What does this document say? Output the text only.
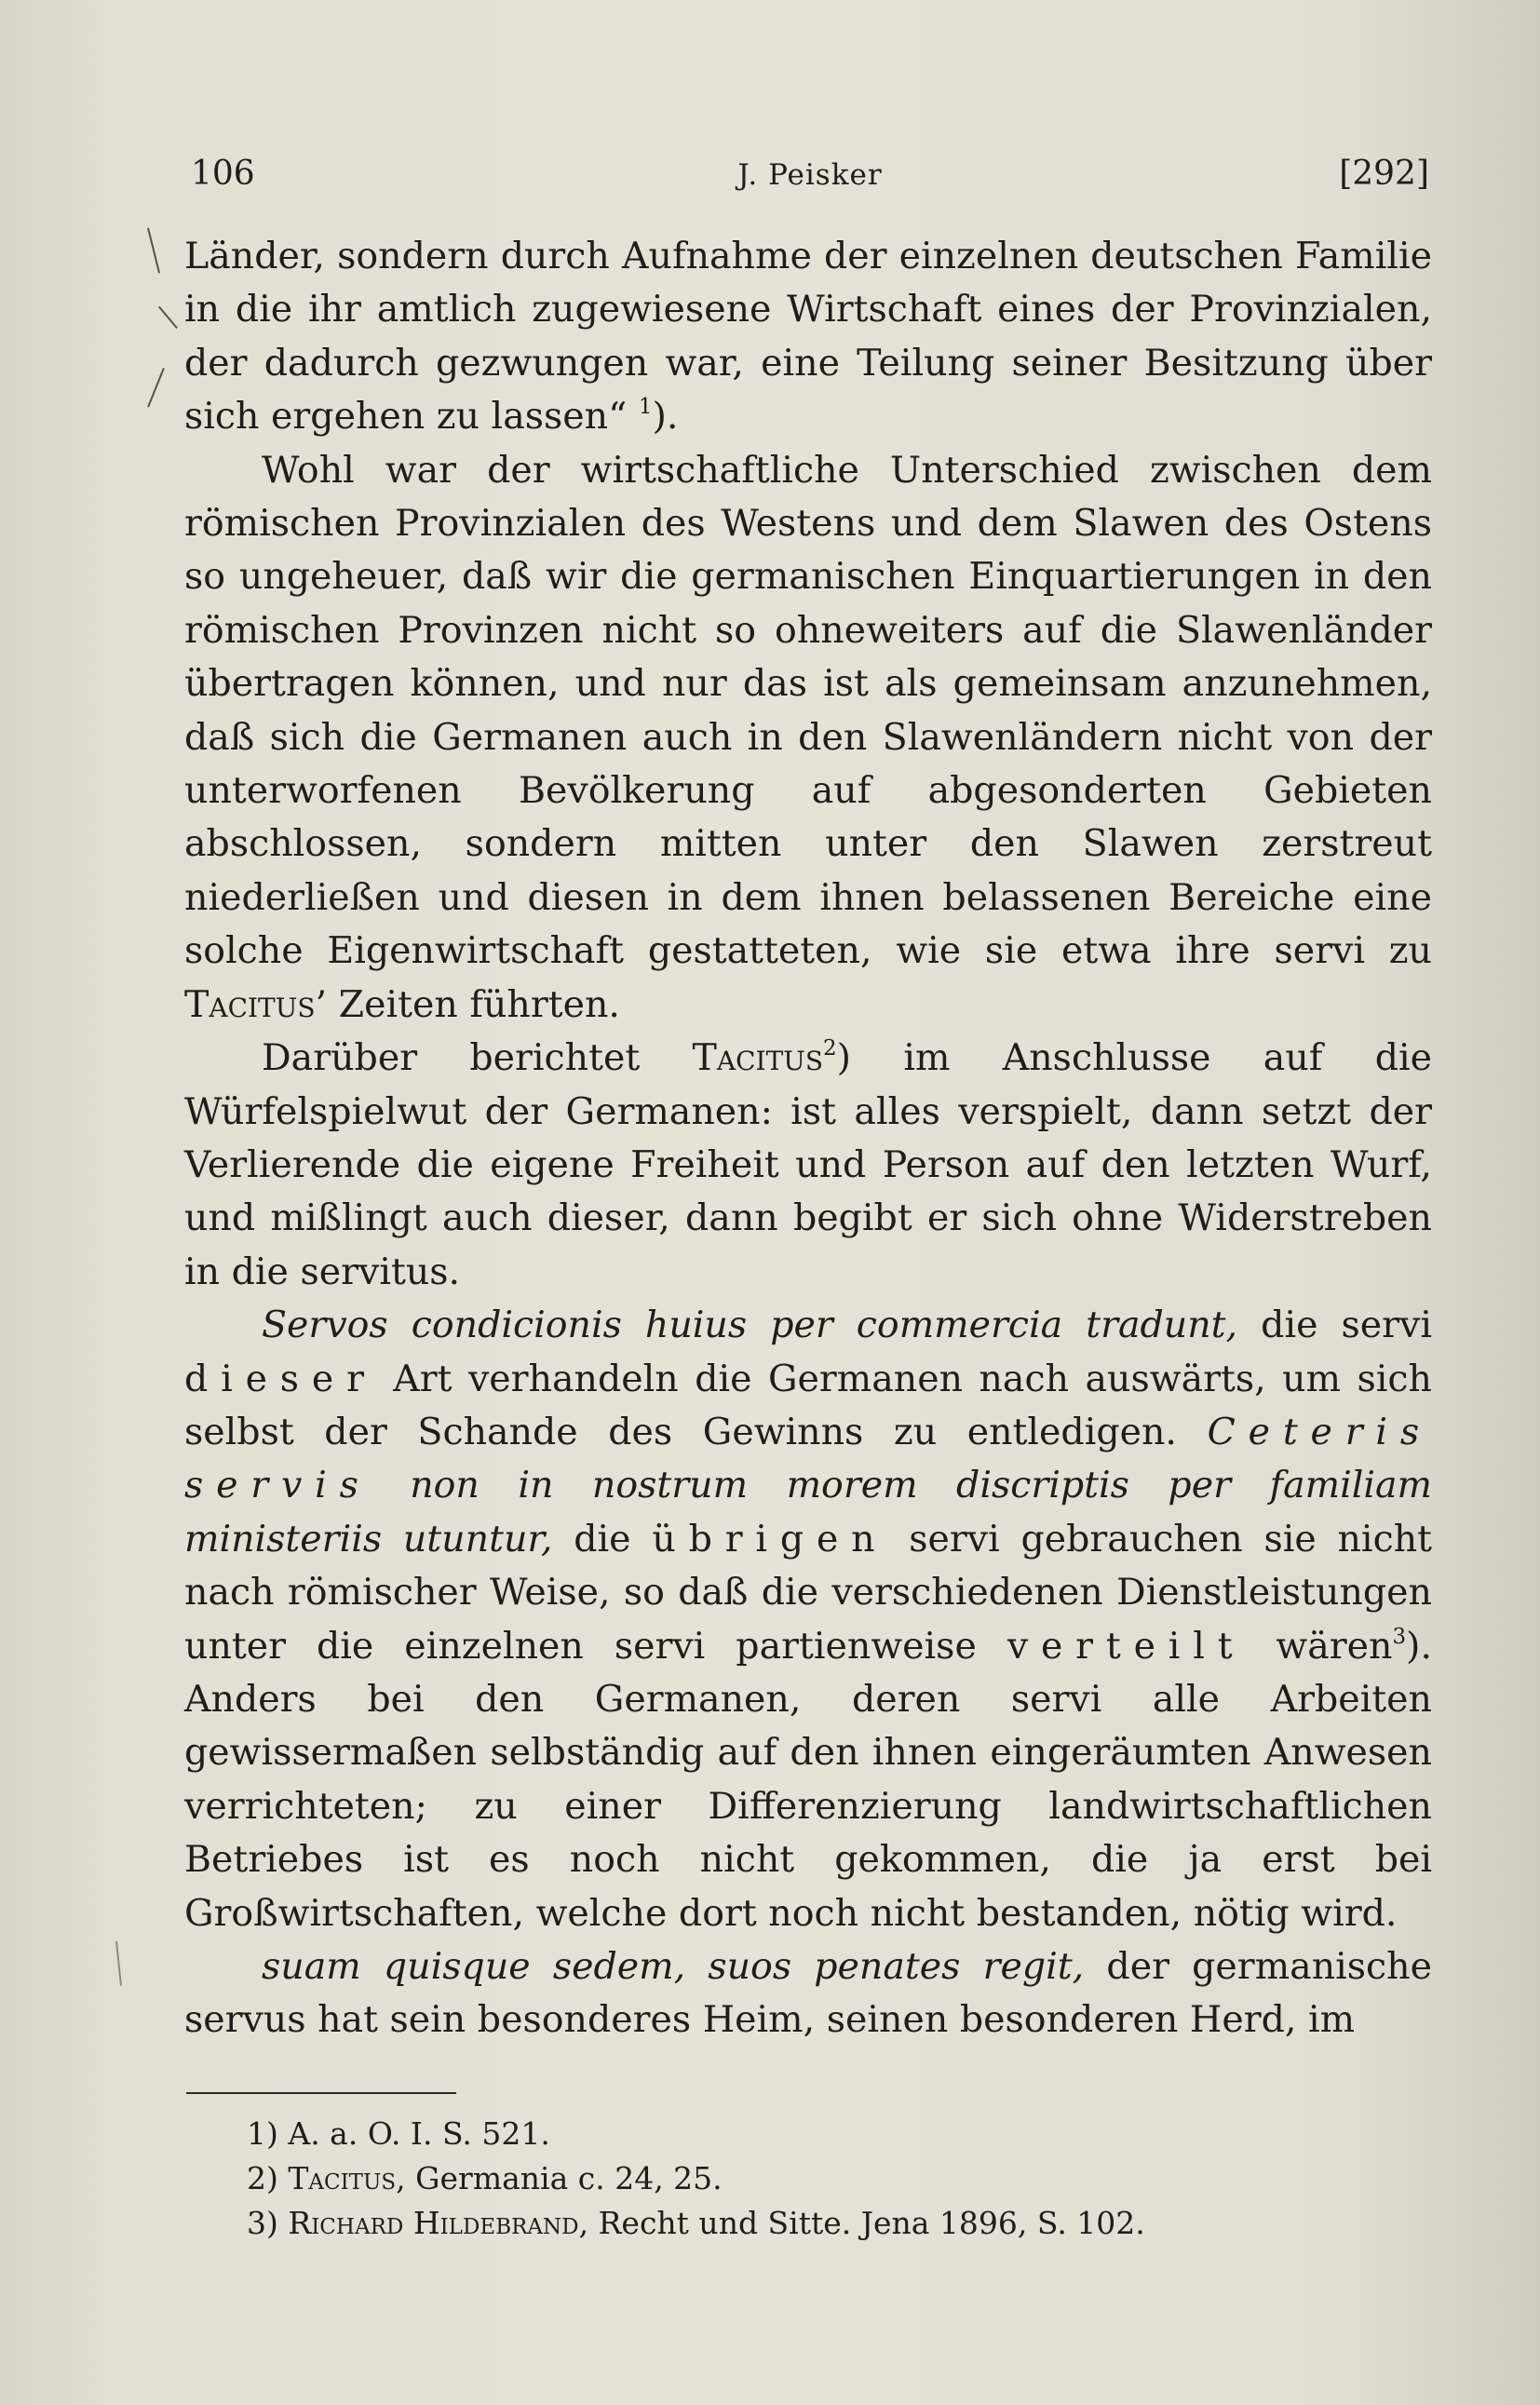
106	J. Peisker	[292]

Länder, sondern durch Aufnahme der einzelnen deutschen Familie in die ihr amtlich zugewiesene Wirtschaft eines der Provinzialen, der dadurch gezwungen war, eine Teilung seiner Besitzung über sich ergehen zu lassen“ $^1$).

Wohl war der wirtschaftliche Unterschied zwischen dem römischen Provinzialen des Westens und dem Slawen des Ostens so ungeheuer, daß wir die germanischen Einquartierungen in den römischen Provinzen nicht so ohneweiters auf die Slawenländer übertragen können, und nur das ist als gemeinsam anzunehmen, daß sich die Germanen auch in den Slawenländern nicht von der unterworfenen Bevölkerung auf abgesonderten Gebieten abschlossen, sondern mitten unter den Slawen zerstreut niederließen und diesen in dem ihnen belassenen Bereiche eine solche Eigenwirtschaft gestatteten, wie sie etwa ihre servi zu Tacitus’ Zeiten führten.

Darüber berichtet Tacitus$^2$) im Anschlusse auf die Würfelspielwut der Germanen: ist alles verspielt, dann setzt der Verlierende die eigene Freiheit und Person auf den letzten Wurf, und mißlingt auch dieser, dann begibt er sich ohne Widerstreben in die servitus.

Servos condicionis huius per commercia tradunt, die servi dieser Art verhandeln die Germanen nach auswärts, um sich selbst der Schande des Gewinns zu entledigen. Ceteris servis non in nostrum morem discriptis per familiam ministeriis utuntur, die übrigen servi gebrauchen sie nicht nach römischer Weise, so daß die verschiedenen Dienstleistungen unter die einzelnen servi partienweise verteilt wären$^3$). Anders bei den Germanen, deren servi alle Arbeiten gewissermaßen selbständig auf den ihnen eingeräumten Anwesen verrichteten; zu einer Differenzierung landwirtschaftlichen Betriebes ist es noch nicht gekommen, die ja erst bei Großwirtschaften, welche dort noch nicht bestanden, nötig wird.

suam quisque sedem, suos penates regit, der germanische servus hat sein besonderes Heim, seinen besonderen Herd, im

1) A. a. O. I. S. 521.
2) Tacitus, Germania c. 24, 25.
3) Richard Hildebrand, Recht und Sitte. Jena 1896, S. 102.
